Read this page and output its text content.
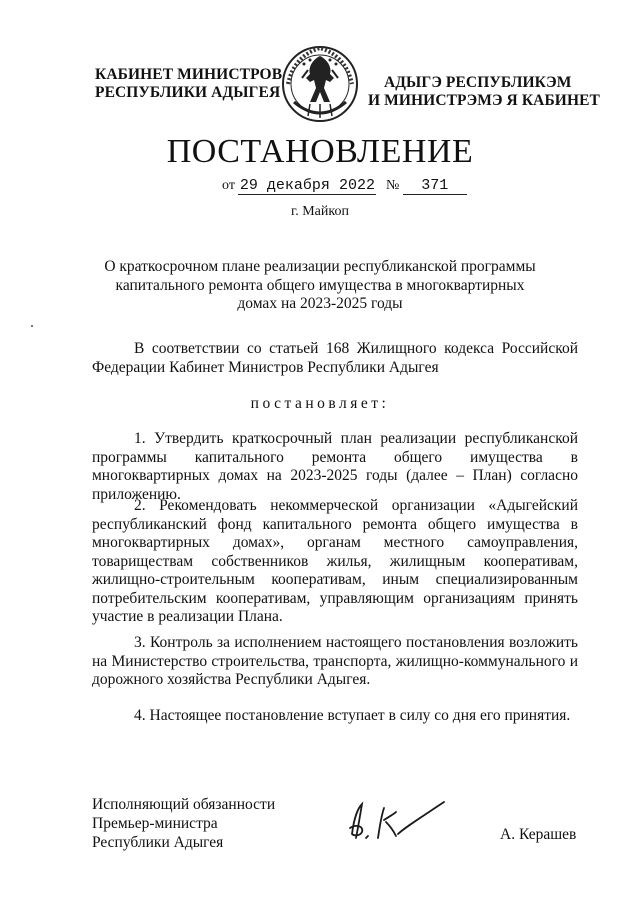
КАБИНЕТ МИНИСТРОВ
РЕСПУБЛИКИ АДЫГЕЯ
АДЫГЭ РЕСПУБЛИКЭМ
И МИНИСТРЭМЭ Я КАБИНЕТ
ПОСТАНОВЛЕНИЕ
от 29 декабря 2022 № 371
г. Майкоп
О краткосрочном плане реализации республиканской программы капитального ремонта общего имущества в многоквартирных домах на 2023-2025 годы

В соответствии со статьей 168 Жилищного кодекса Российской Федерации Кабинет Министров Республики Адыгея

постановляет:

1. Утвердить краткосрочный план реализации республиканской программы капитального ремонта общего имущества в многоквартирных домах на 2023-2025 годы (далее – План) согласно приложению.

2. Рекомендовать некоммерческой организации «Адыгейский республиканский фонд капитального ремонта общего имущества в многоквартирных домах», органам местного самоуправления, товариществам собственников жилья, жилищным кооперативам, жилищно-строительным кооперативам, иным специализированным потребительским кооперативам, управляющим организациям принять участие в реализации Плана.

3. Контроль за исполнением настоящего постановления возложить на Министерство строительства, транспорта, жилищно-коммунального и дорожного хозяйства Республики Адыгея.

4. Настоящее постановление вступает в силу со дня его принятия.

Исполняющий обязанности
Премьер-министра
Республики Адыгея	А. Керашев
